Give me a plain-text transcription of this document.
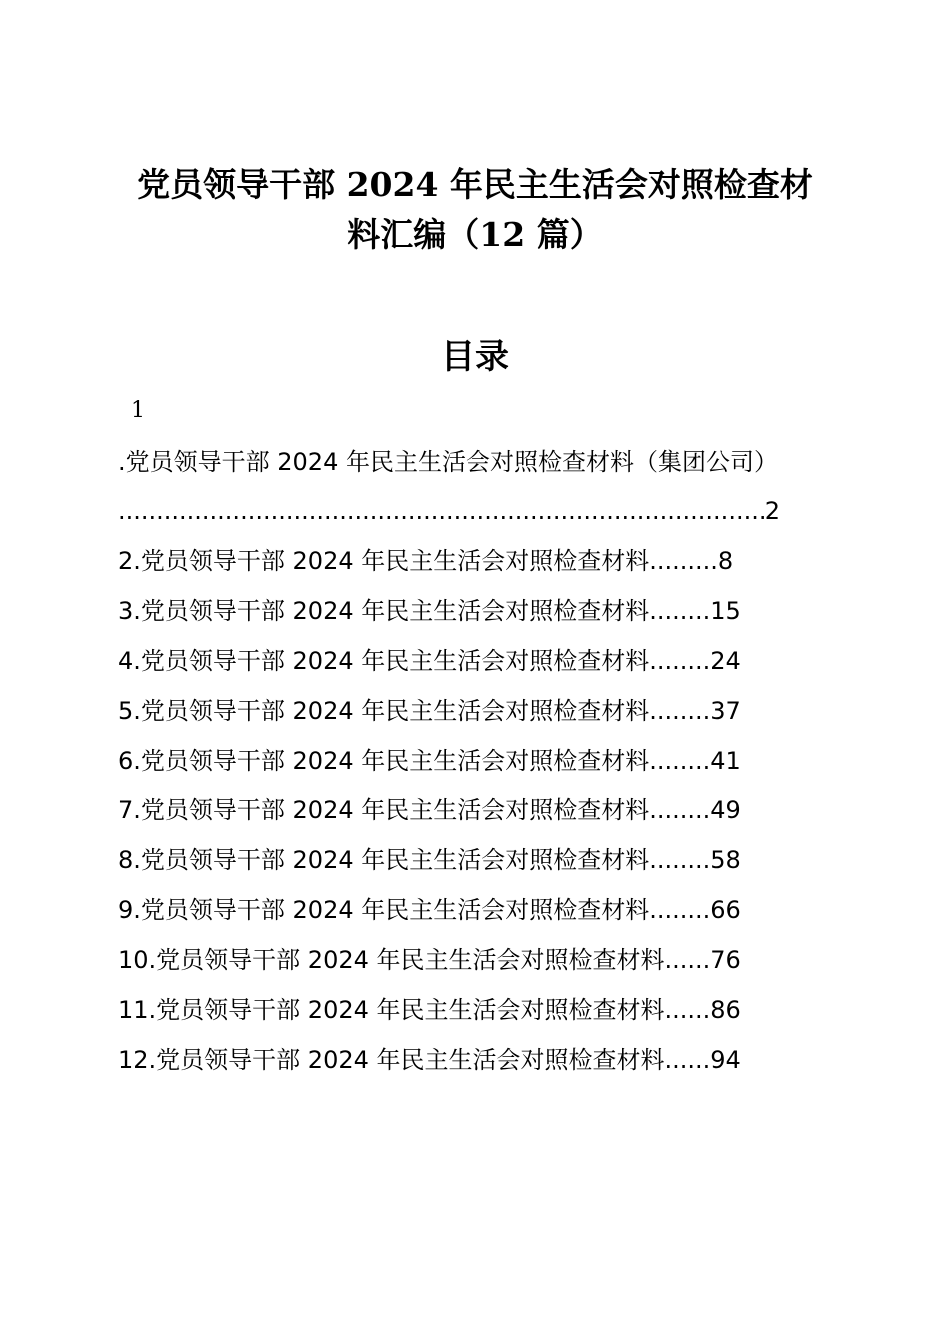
党员领导干部 2024 年民主生活会对照检查材
料汇编（12 篇）
目录
1
.党员领导干部 2024 年民主生活会对照检查材料（集团公司）
.....
2
2.党员领导干部 2024 年民主生活会对照检查材料.........8
3.党员领导干部 2024 年民主生活会对照检查材料........15
4.党员领导干部 2024 年民主生活会对照检查材料........24
5.党员领导干部 2024 年民主生活会对照检查材料........37
6.党员领导干部 2024 年民主生活会对照检查材料........41
7.党员领导干部 2024 年民主生活会对照检查材料........49
8.党员领导干部 2024 年民主生活会对照检查材料........58
9.党员领导干部 2024 年民主生活会对照检查材料........66
10.党员领导干部 2024 年民主生活会对照检查材料......76
11.党员领导干部 2024 年民主生活会对照检查材料......86
12.党员领导干部 2024 年民主生活会对照检查材料......94
